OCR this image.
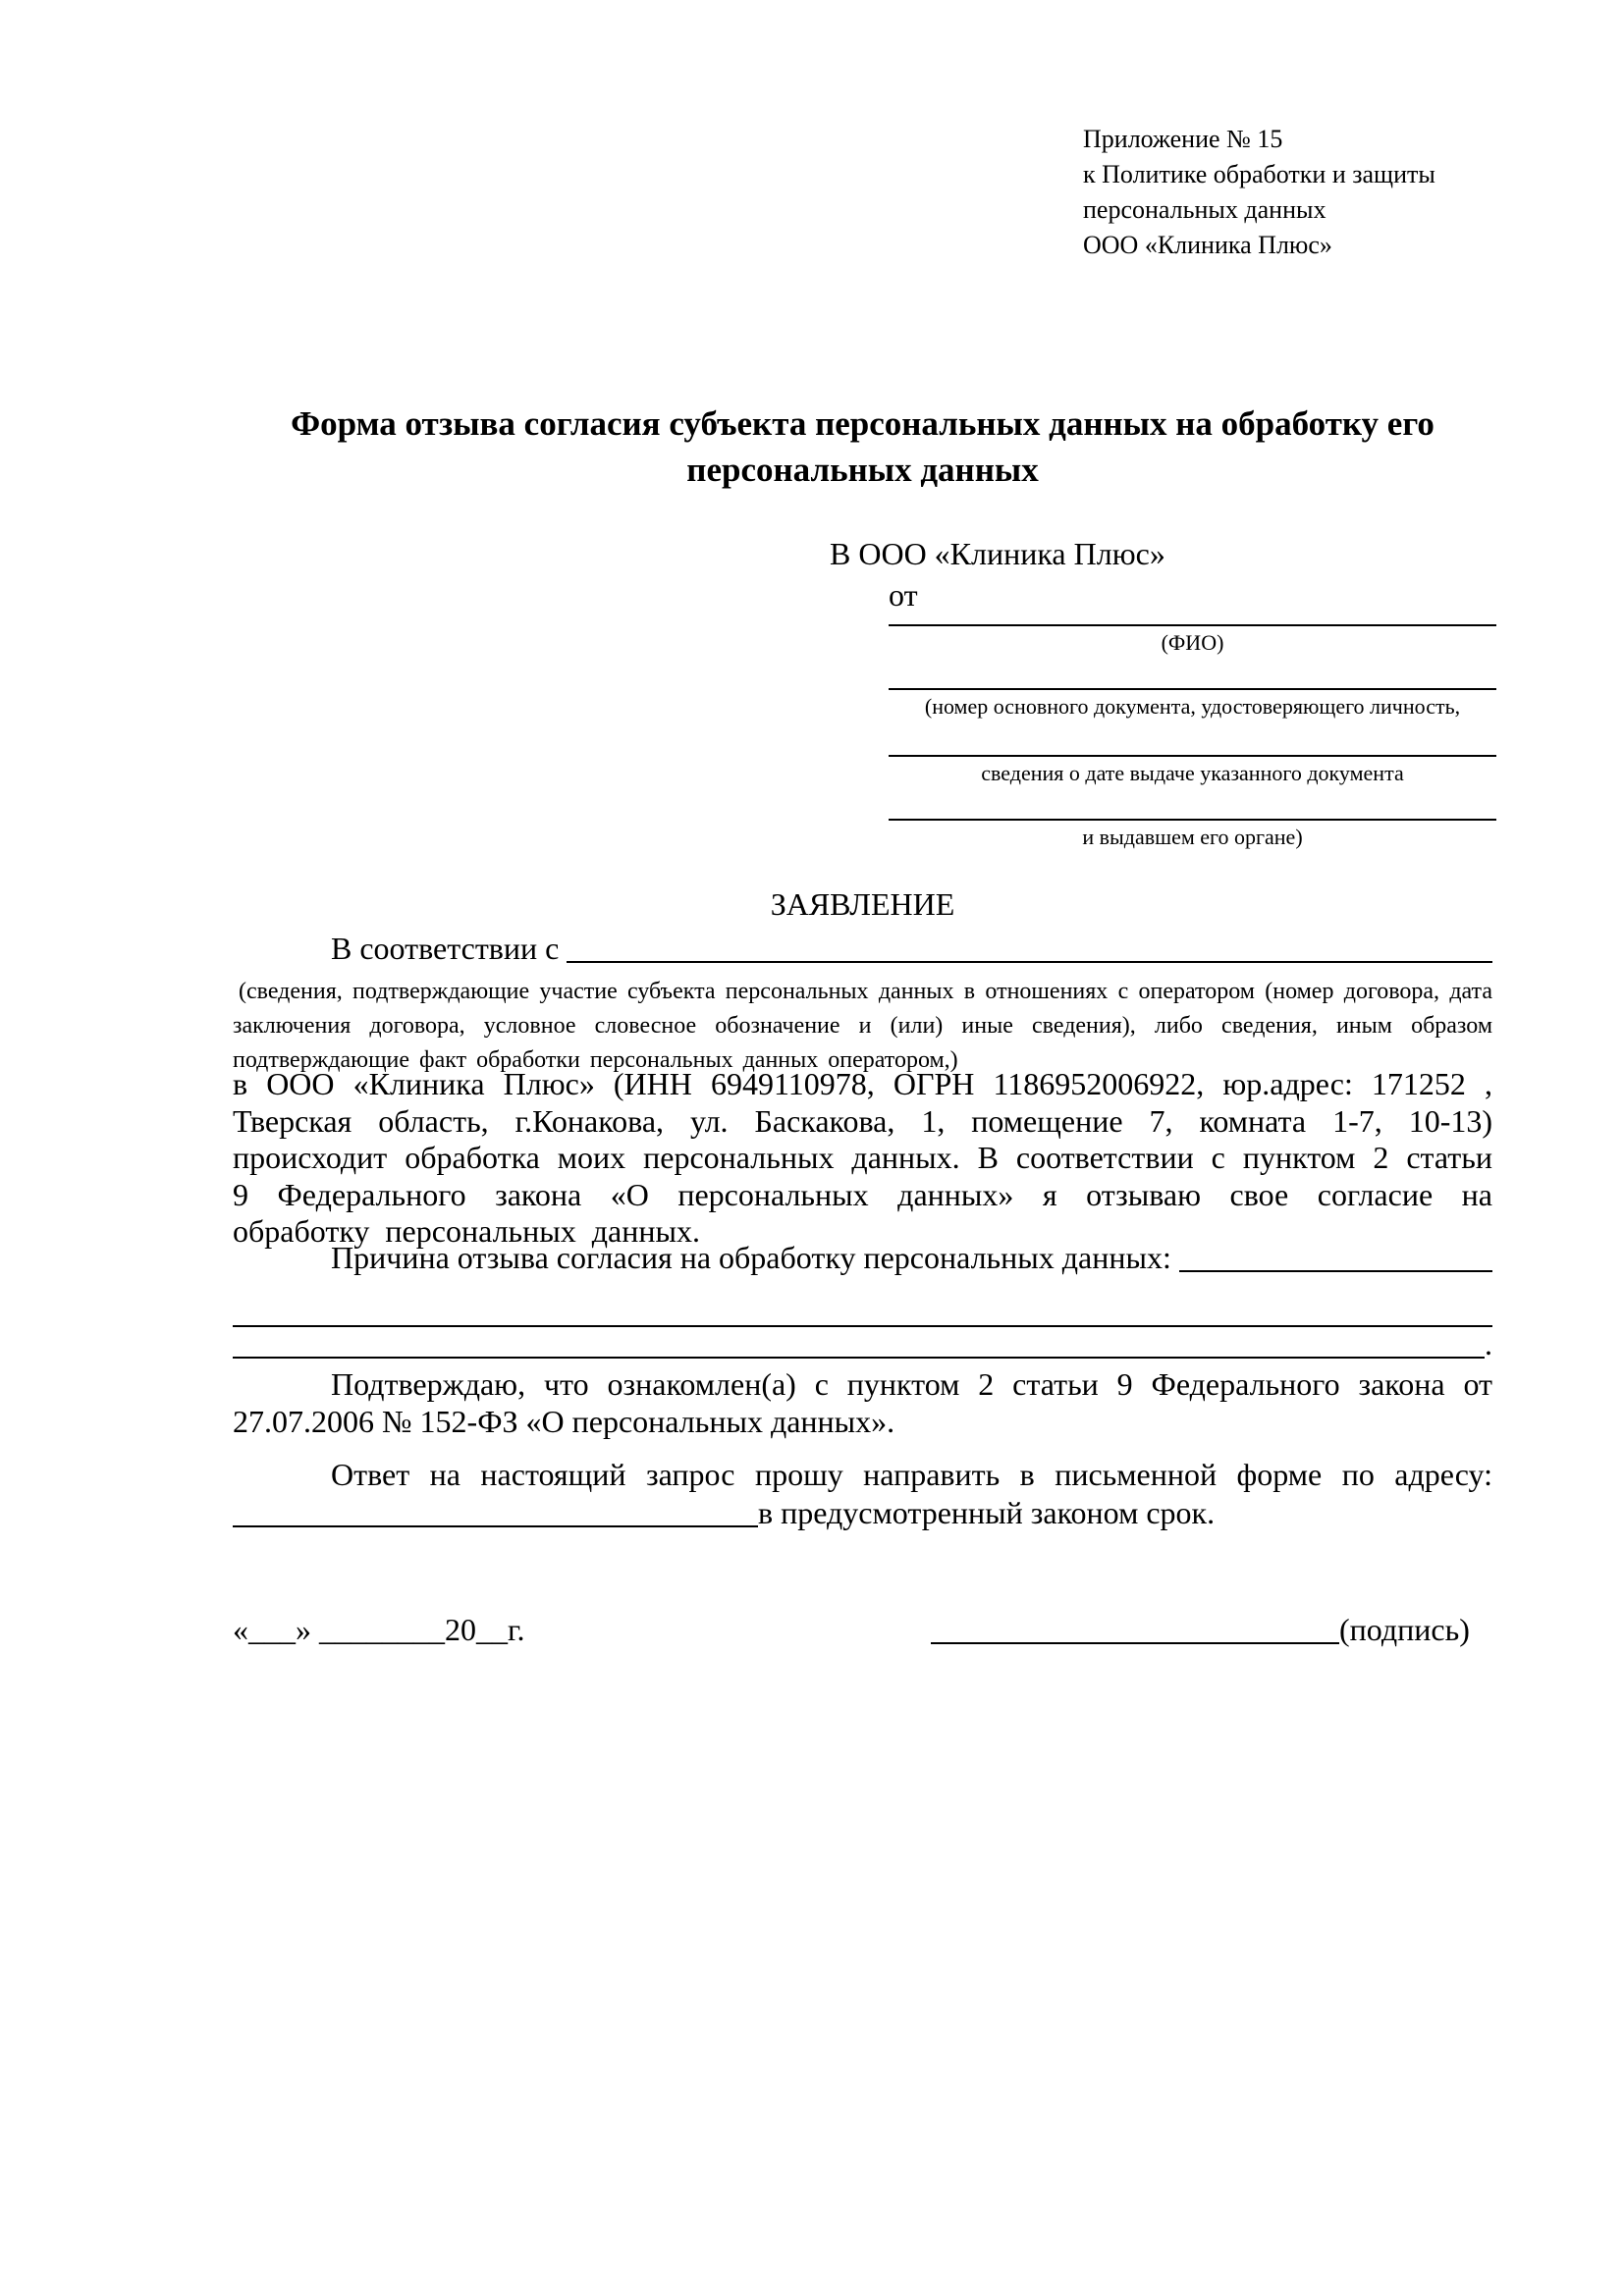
Приложение № 15
к Политике обработки и защиты
персональных данных
ООО «Клиника Плюс»
Форма отзыва согласия субъекта персональных данных на обработку его персональных данных
В ООО «Клиника Плюс»
от
(ФИО)
(номер основного документа, удостоверяющего личность,
сведения о дате выдаче указанного документа
и выдавшем его органе)
ЗАЯВЛЕНИЕ
В соответствии с

(сведения, подтверждающие участие субъекта персональных данных в отношениях с оператором (номер договора, дата заключения договора, условное словесное обозначение и (или) иные сведения), либо сведения, иным образом подтверждающие факт обработки персональных данных оператором,)
в ООО «Клиника Плюс» (ИНН 6949110978, ОГРН 1186952006922, юр.адрес: 171252 , Тверская область, г.Конакова, ул. Баскакова, 1, помещение 7, комната 1-7, 10-13) происходит обработка моих персональных данных. В соответствии с пунктом 2 статьи 9 Федерального закона «О персональных данных» я отзываю свое согласие на обработку персональных данных.
Причина отзыва согласия на обработку персональных данных:

.
Подтверждаю, что ознакомлен(а) с пунктом 2 статьи 9 Федерального закона от 27.07.2006 № 152-ФЗ «О персональных данных».
Ответ на настоящий запрос прошу направить в письменной форме по адресу:
в предусмотренный законом срок.
«___» ________20__г.	(подпись)
